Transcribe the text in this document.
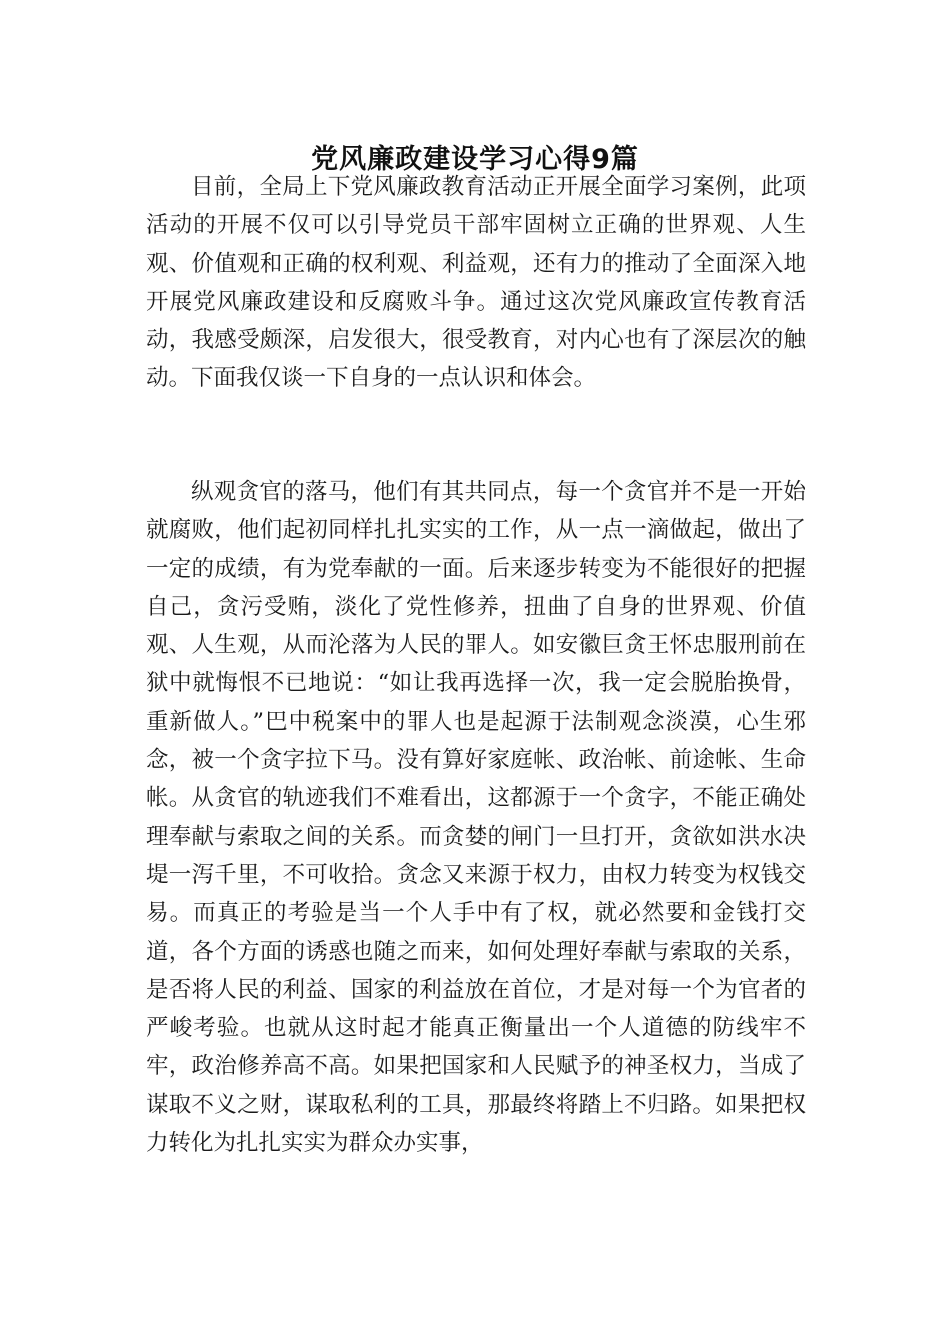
党风廉政建设学习心得9篇

目前，全局上下党风廉政教育活动正开展全面学习案例，此项活动的开展不仅可以引导党员干部牢固树立正确的世界观、人生观、价值观和正确的权利观、利益观，还有力的推动了全面深入地开展党风廉政建设和反腐败斗争。通过这次党风廉政宣传教育活动，我感受颇深，启发很大，很受教育，对内心也有了深层次的触动。下面我仅谈一下自身的一点认识和体会。

纵观贪官的落马，他们有其共同点，每一个贪官并不是一开始就腐败，他们起初同样扎扎实实的工作，从一点一滴做起，做出了一定的成绩，有为党奉献的一面。后来逐步转变为不能很好的把握自己，贪污受贿，淡化了党性修养，扭曲了自身的世界观、价值观、人生观，从而沦落为人民的罪人。如安徽巨贪王怀忠服刑前在狱中就悔恨不已地说：“如让我再选择一次，我一定会脱胎换骨，重新做人。”巴中税案中的罪人也是起源于法制观念淡漠，心生邪念，被一个贪字拉下马。没有算好家庭帐、政治帐、前途帐、生命帐。从贪官的轨迹我们不难看出，这都源于一个贪字，不能正确处理奉献与索取之间的关系。而贪婪的闸门一旦打开，贪欲如洪水决堤一泻千里，不可收拾。贪念又来源于权力，由权力转变为权钱交易。而真正的考验是当一个人手中有了权，就必然要和金钱打交道，各个方面的诱惑也随之而来，如何处理好奉献与索取的关系，是否将人民的利益、国家的利益放在首位，才是对每一个为官者的严峻考验。也就从这时起才能真正衡量出一个人道德的防线牢不牢，政治修养高不高。如果把国家和人民赋予的神圣权力，当成了谋取不义之财，谋取私利的工具，那最终将踏上不归路。如果把权力转化为扎扎实实为群众办实事，
